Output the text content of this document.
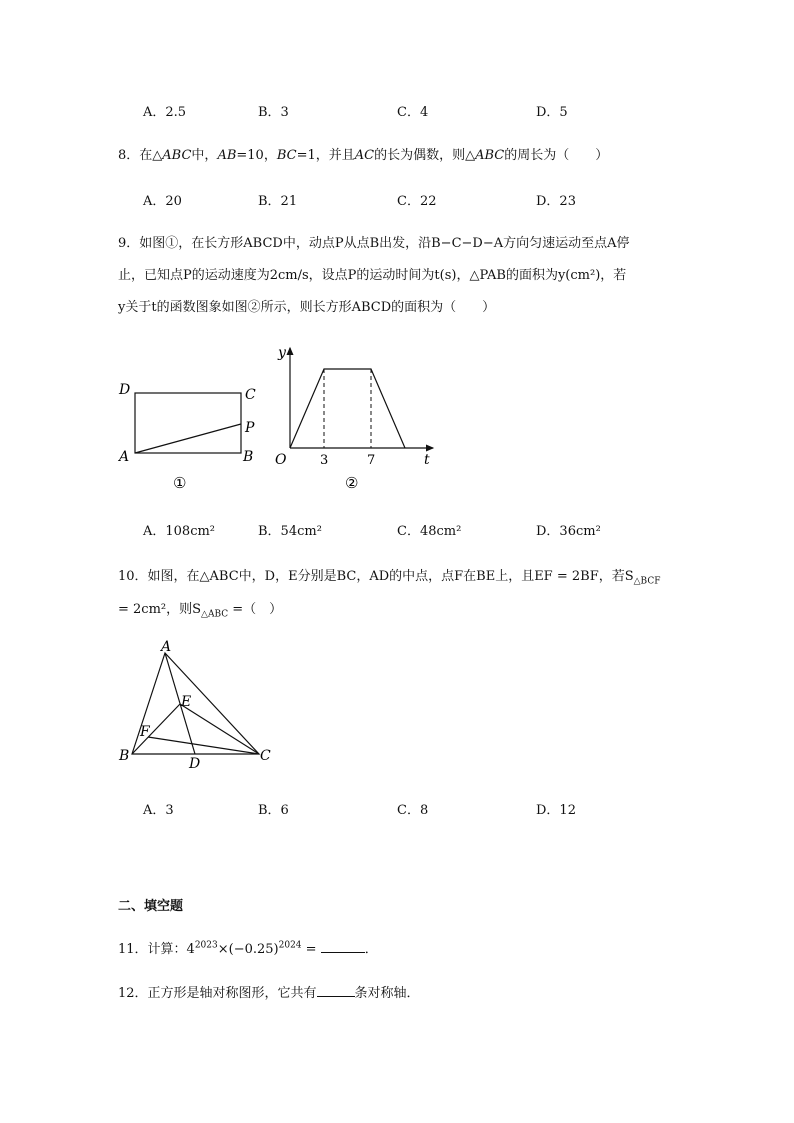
A．2.5	B．3	C．4	D．5
8．在△ABC中，AB=10，BC=1，并且AC的长为偶数，则△ABC的周长为（　　）
A．20	B．21	C．22	D．23
9．如图①，在长方形ABCD中，动点P从点B出发，沿B−C−D−A方向匀速运动至点A停
止，已知点P的运动速度为2cm/s，设点P的运动时间为t(s)，△PAB的面积为y(cm²)，若
y关于t的函数图象如图②所示，则长方形ABCD的面积为（　　）
D	C
P
A	B
①
y
O	3	7	t
②
A．108cm²	B．54cm²	C．48cm²	D．36cm²
10．如图，在△ABC中，D，E分别是BC，AD的中点，点F在BE上，且EF = 2BF，若$S_{\triangle BCF}$
= 2cm²，则$S_{\triangle ABC}$ =（　）
A
B	C
D
E
F
A．3	B．6	C．8	D．12
二、填空题
11．计算：$4^{2023}\times(-0.25)^{2024}$ =	．
12．正方形是轴对称图形，它共有	条对称轴．
